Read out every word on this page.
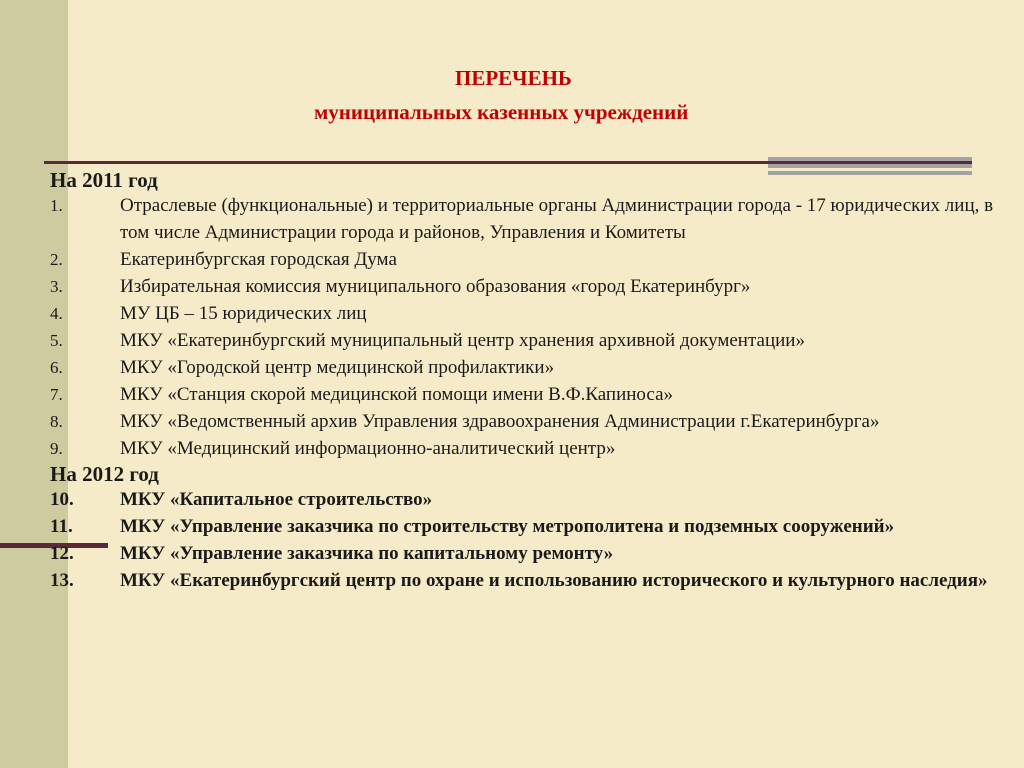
ПЕРЕЧЕНЬ
муниципальных казенных учреждений
На 2011 год
1.	Отраслевые (функциональные) и территориальные органы Администрации города - 17 юридических лиц, в том числе Администрации города и районов, Управления и Комитеты
2.	Екатеринбургская городская Дума
3.	Избирательная комиссия муниципального образования «город Екатеринбург»
4.	МУ ЦБ – 15 юридических лиц
5.	МКУ «Екатеринбургский муниципальный центр хранения архивной документации»
6.	МКУ «Городской центр медицинской профилактики»
7.	МКУ «Станция скорой медицинской помощи имени В.Ф.Капиноса»
8.	МКУ «Ведомственный архив Управления здравоохранения Администрации г.Екатеринбурга»
9.	МКУ «Медицинский информационно-аналитический центр»
На 2012 год
10.	МКУ «Капитальное строительство»
11.	МКУ «Управление заказчика по строительству метрополитена и подземных сооружений»
12.	МКУ «Управление заказчика по капитальному ремонту»
13.	МКУ «Екатеринбургский центр по охране и использованию исторического и культурного наследия»
